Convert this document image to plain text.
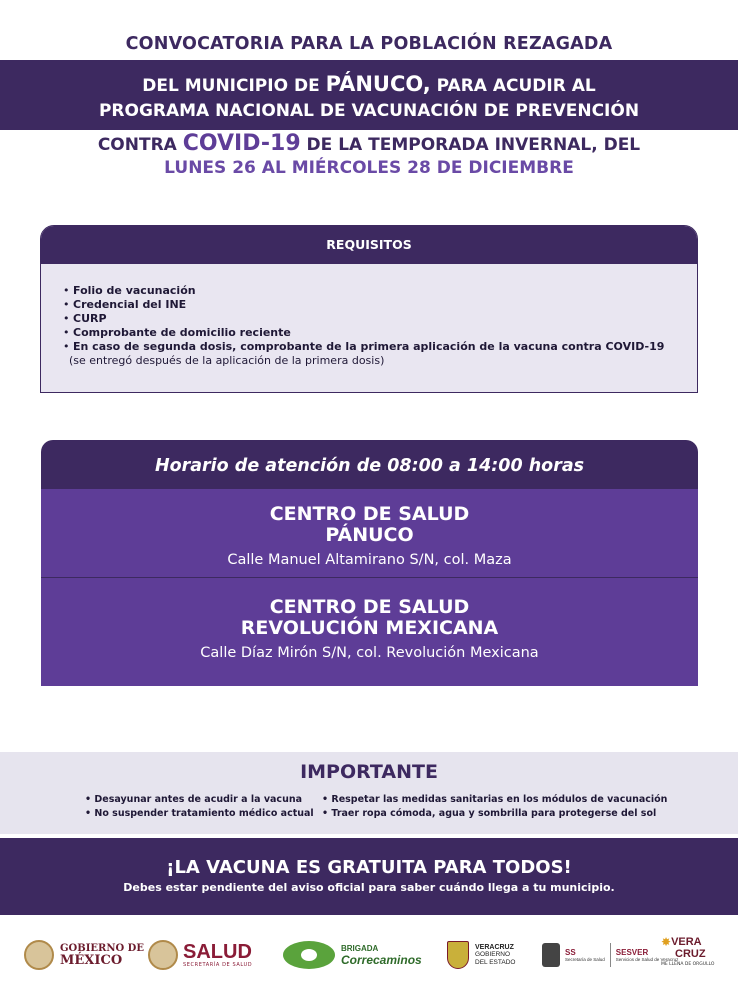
CONVOCATORIA PARA LA POBLACIÓN REZAGADA
DEL MUNICIPIO DE PÁNUCO, PARA ACUDIR AL
PROGRAMA NACIONAL DE VACUNACIÓN DE PREVENCIÓN
CONTRA COVID-19 DE LA TEMPORADA INVERNAL, DEL
LUNES 26 AL MIÉRCOLES 28 DE DICIEMBRE
REQUISITOS
• Folio de vacunación
• Credencial del INE
• CURP
• Comprobante de domicilio reciente
• En caso de segunda dosis, comprobante de la primera aplicación de la vacuna contra COVID-19
(se entregó después de la aplicación de la primera dosis)
Horario de atención de 08:00 a 14:00 horas
CENTRO DE SALUD
PÁNUCO
Calle Manuel Altamirano S/N, col. Maza
CENTRO DE SALUD
REVOLUCIÓN MEXICANA
Calle Díaz Mirón S/N, col. Revolución Mexicana
IMPORTANTE
• Desayunar antes de acudir a la vacuna
• No suspender tratamiento médico actual
• Respetar las medidas sanitarias en los módulos de vacunación
• Traer ropa cómoda, agua y sombrilla para protegerse del sol
¡LA VACUNA ES GRATUITA PARA TODOS!
Debes estar pendiente del aviso oficial para saber cuándo llega a tu municipio.
GOBIERNO DE
MÉXICO	SALUD
SECRETARÍA DE SALUD
BRIGADA
Correcaminos
VERACRUZ
GOBIERNO
DEL ESTADO
SS
Secretaría de Salud
SESVER
Servicios de Salud de Veracruz
✸ VERA
CRUZ
ME LLENA DE ORGULLO
